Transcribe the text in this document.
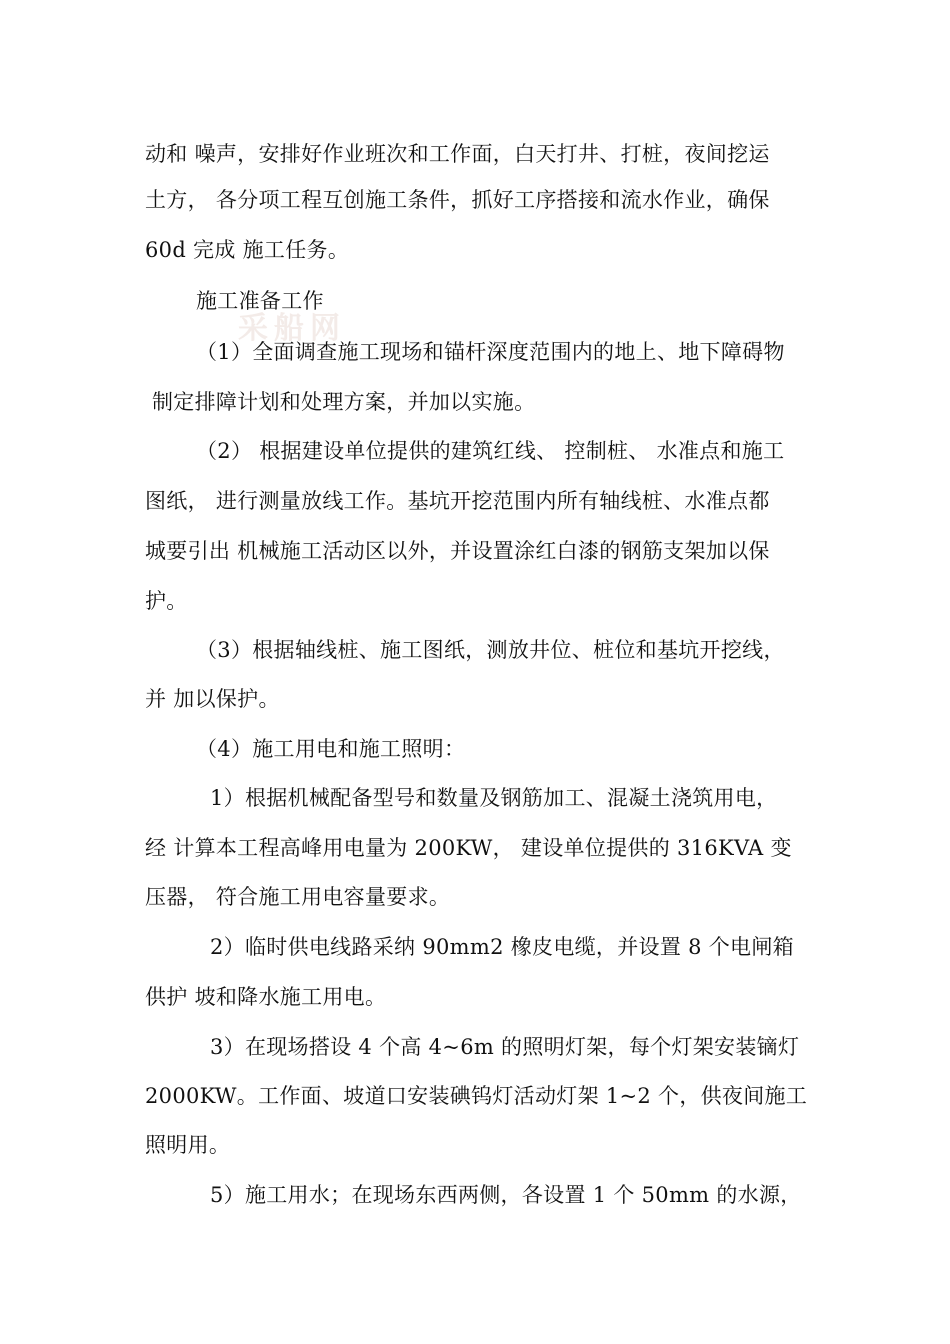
采船网
动和 噪声，安排好作业班次和工作面，白天打井、打桩，夜间挖运
土方， 各分项工程互创施工条件，抓好工序搭接和流水作业，确保
60d 完成 施工任务。
施工准备工作
（1）全面调查施工现场和锚杆深度范围内的地上、地下障碍物
制定排障计划和处理方案，并加以实施。
（2） 根据建设单位提供的建筑红线、 控制桩、 水准点和施工
图纸， 进行测量放线工作。基坑开挖范围内所有轴线桩、水准点都
城要引出 机械施工活动区以外，并设置涂红白漆的钢筋支架加以保
护。
（3）根据轴线桩、施工图纸，测放井位、桩位和基坑开挖线，
并 加以保护。
（4）施工用电和施工照明：
1）根据机械配备型号和数量及钢筋加工、混凝土浇筑用电，
经 计算本工程高峰用电量为 200KW， 建设单位提供的 316KVA 变
压器， 符合施工用电容量要求。
2）临时供电线路采纳 90mm2 橡皮电缆，并设置 8 个电闸箱
供护 坡和降水施工用电。
3）在现场搭设 4 个高 4~6m 的照明灯架，每个灯架安装镝灯
2000KW。工作面、坡道口安装碘钨灯活动灯架 1~2 个，供夜间施工
照明用。
5）施工用水；在现场东西两侧，各设置 1 个 50mm 的水源，
